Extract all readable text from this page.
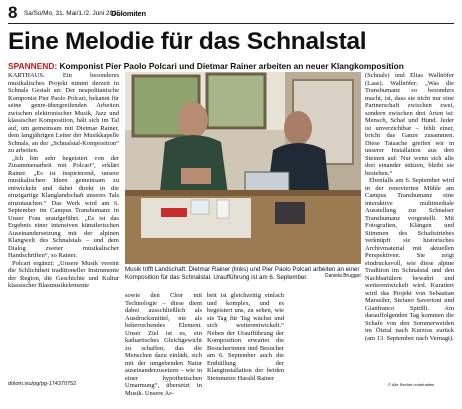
8 Sa/So/Mo, 31. Mai/1./2. Juni 2025
Dolomiten
Eine Melodie für das Schnalstal
SPANNEND: Komponist Pier Paolo Polcari und Dietmar Rainer arbeiten an neuer Klangkomposition

KARTHAUS. Ein besonderes musikalisches Projekt nimmt derzeit in Schnals Gestalt an: Der neapolitanische Komponist Pier Paolo Polcari, bekannt für seine genre-übergreifenden Arbeiten zwischen elektronischer Musik, Jazz und klassischer Komposition, hält sich im Tal auf, um gemeinsam mit Dietmar Rainer, dem langjährigen Leiter der Musikkapelle Schnals, an der „Schnalstal-Komposition“ zu arbeiten.

„Ich bin sehr begeistert von der Zusammenarbeit mit Polcari“, erklärt Rainer. „Es ist inspirierend, unsere musikalischen Ideen gemeinsam zu entwickeln und dabei direkt in die einzigartige Klanglandschaft unseres Tals einzutauchen.“ Das Werk wird am 6. September im Campus Transhumanz in Unser Frau uraufgeführt. „Es ist das Ergebnis einer intensiven künstlerischen Auseinandersetzung mit der alpinen Klangwelt des Schnalstals – und dem Dialog zweier musikalischer Handschriften“, so Rainer.

Polcari ergänzt: „Unsere Musik vereint die Schlichtheit traditioneller Instrumente der Region, die Geschichte und Kultur klassischer Blasmusikelemente

Musik trifft Landschaft: Dietmar Rainer (links) und Pier Paolo Polcari arbeiten an einer Komposition für das Schnalstal. Uraufführung ist am 6. September.	Daniela Brugger

sowie den Chor mit Technologie – diese dient dabei ausschließlich als Ausdrucksmittel, nie als beherrschendes Element. Unser Ziel ist es, ein kathartisches Gleichgewicht zu schaffen, das die Menschen dazu einlädt, sich mit der umgebenden Natur auseinanderzusetzen – wie in einer hypothetischen Umarmung“, übersetzt in Musik. Unsere Ar-

beit ist gleichzeitig einfach und komplex, und es begeistert uns, zu sehen, wie sie Tag für Tag wächst und sich weiterentwickelt.“ Neben der Uraufführung der Komposition erwartet die Besucherinnen und Besucher am 6. September auch die Enthüllung der Klanginstallation der beiden Steinmetze Harald Rainer

(Schnals) und Elias Wallnöfer (Laas). Wallnöfer: „Was die Transhumanz so besonders macht, ist, dass sie nicht nur eine Partnerschaft zwischen zwei, sondern zwischen drei Arten ist: Mensch, Schaf und Hund. Jeder ist unverzichtbar – fehlt einer, bricht das Ganze zusammen. Diese Tatsache greifen wir in unserer Installation aus drei Steinen auf: Nur wenn sich alle drei einander stützen, bleibt sie bestehen.“

Ebenfalls am 6. September wird in der renovierten Mühle am Campus Transhumanz eine interaktive multimediale Ausstellung zur Schnalser Transhumanz vorgestellt. Mit Fotografien, Klängen und Stimmen des Schaftstriebes verknüpft sie historisches Archivmaterial mit aktuellen Perspektiven. Sie zeigt eindrucksvoll, wie diese alpine Tradition im Schnalstal und den Nachbartälern bewahrt und weiterentwickelt wird. Kuratiert wird das Projekt von Sebastian Marseiler, Stefano Saverioni und Gianfranco Spitilli. Am darauffolgenden Tag kommen die Schafe von den Sommerweiden im Ötztal nach Kurzras zurück (am 13. September nach Vernagt).

dolom.ixu/pg/pg-174370752	© Alle Rechte vorbehalten
